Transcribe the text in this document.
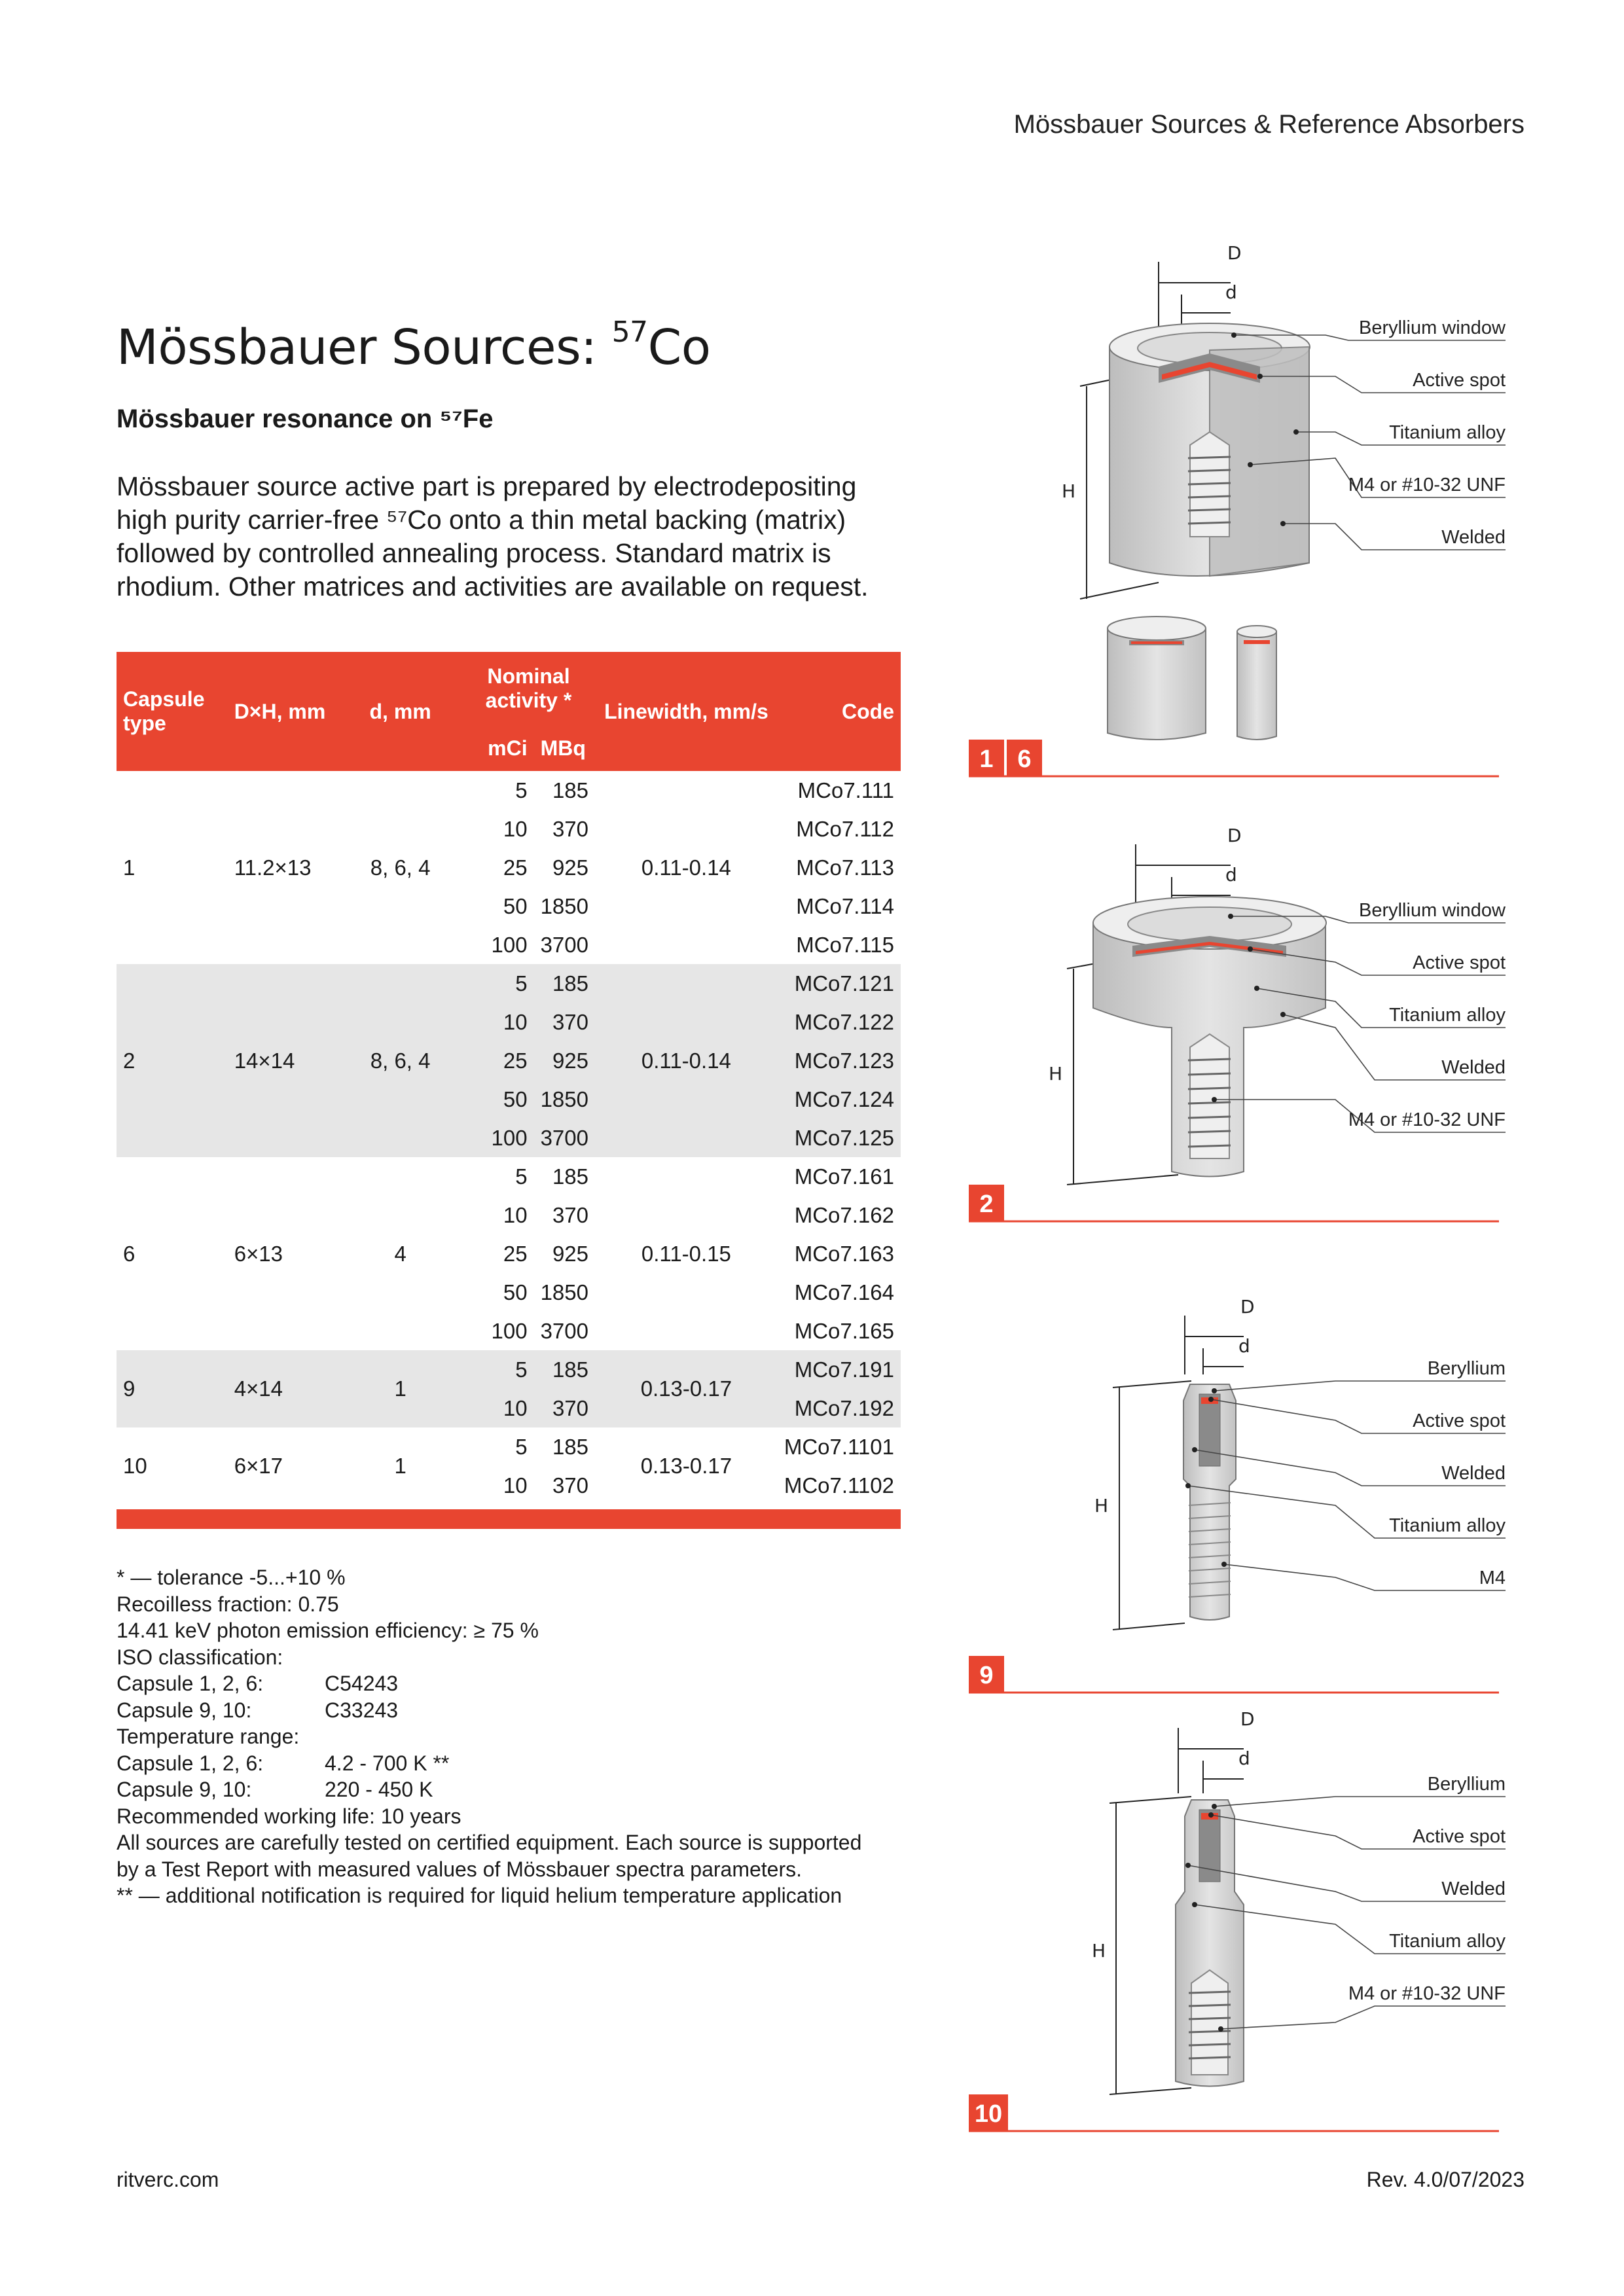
Mössbauer Sources & Reference Absorbers
Mössbauer Sources: $^{57}$Co
Mössbauer resonance on ⁵⁷Fe
Mössbauer source active part is prepared by electrodepositing high purity carrier-free ⁵⁷Co onto a thin metal backing (matrix) followed by controlled annealing process. Standard matrix is rhodium. Other matrices and activities are available on request.
Capsule type	D×H, mm	d, mm	Nominal activity *		Linewidth, mm/s	Code
			mCi	MBq		
1	11.2×13	8, 6, 4	5	185	0.11-0.14	MCo7.111
			10	370		MCo7.112
			25	925		MCo7.113
			50	1850		MCo7.114
			100	3700		MCo7.115
2	14×14	8, 6, 4	5	185	0.11-0.14	MCo7.121
			10	370		MCo7.122
			25	925		MCo7.123
			50	1850		MCo7.124
			100	3700		MCo7.125
6	6×13	4	5	185	0.11-0.15	MCo7.161
			10	370		MCo7.162
			25	925		MCo7.163
			50	1850		MCo7.164
			100	3700		MCo7.165
9	4×14	1	5	185	0.13-0.17	MCo7.191
			10	370		MCo7.192
10	6×17	1	5	185	0.13-0.17	MCo7.1101
			10	370		MCo7.1102
* — tolerance -5...+10 %
Recoilless fraction: 0.75
14.41 keV photon emission efficiency: ≥ 75 %
ISO classification:
Capsule 1, 2, 6:	C54243
Capsule 9, 10:	C33243
Temperature range:
Capsule 1, 2, 6:	4.2 - 700 K **
Capsule 9, 10:	220 - 450 K
Recommended working life: 10 years
All sources are carefully tested on certified equipment. Each source is supported
by a Test Report with measured values of Mössbauer spectra parameters.
** — additional notification is required for liquid helium temperature application
ritverc.com	Rev. 4.0/07/2023
D
d
H
Beryllium window
Active spot
Titanium alloy
M4 or #10-32 UNF
Welded
1 6
D
d
H
Beryllium window
Active spot
Titanium alloy
Welded
M4 or #10-32 UNF
2
D
d
H
Beryllium
Active spot
Welded
Titanium alloy
M4
9
D
d
H
Beryllium
Active spot
Welded
Titanium alloy
M4 or #10-32 UNF
10
